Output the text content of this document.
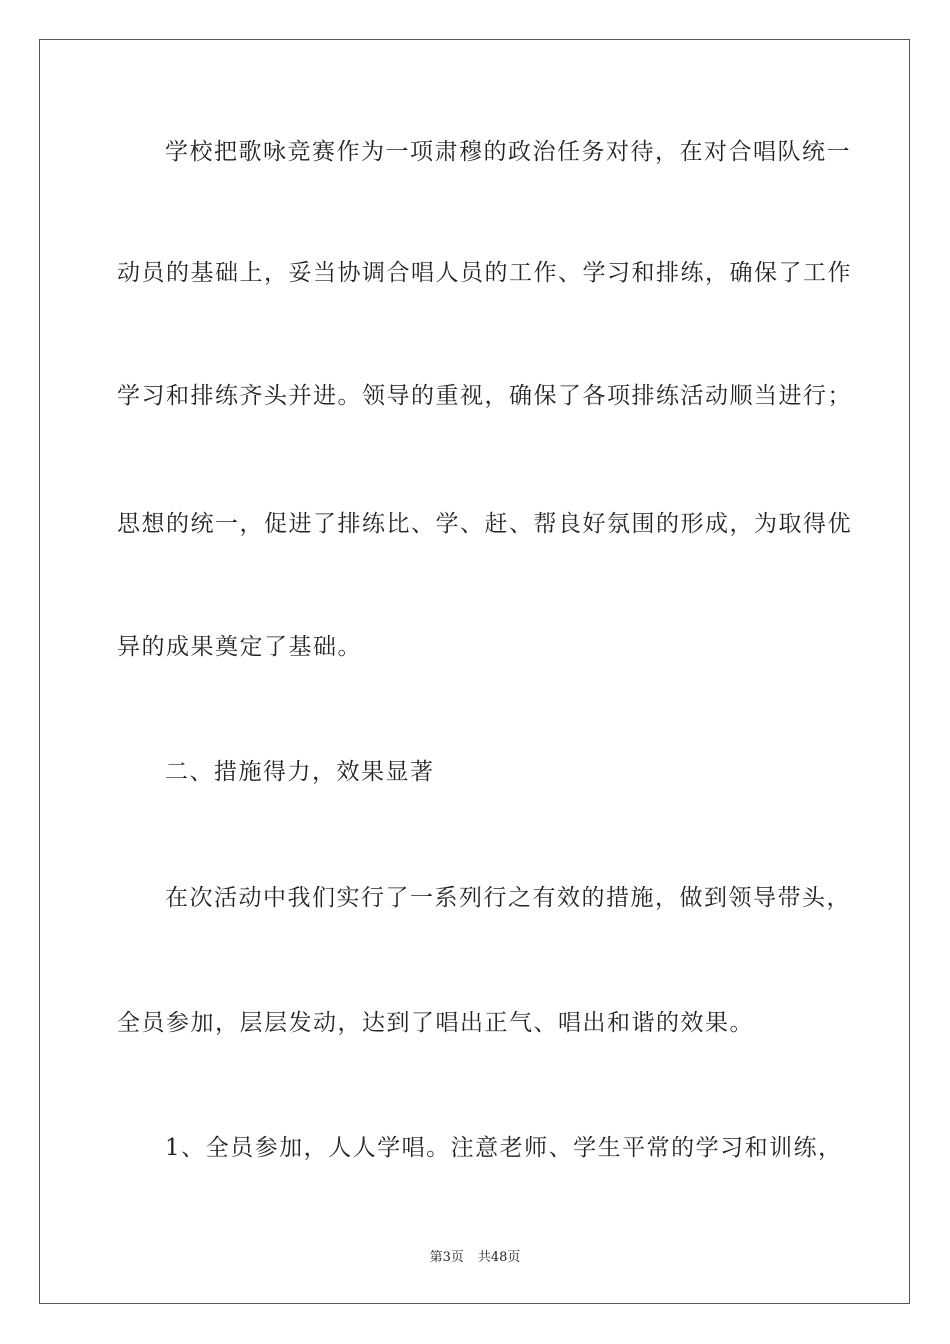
学校把歌咏竞赛作为一项肃穆的政治任务对待，在对合唱队统一
动员的基础上，妥当协调合唱人员的工作、学习和排练，确保了工作
学习和排练齐头并进。领导的重视，确保了各项排练活动顺当进行；
思想的统一，促进了排练比、学、赶、帮良好氛围的形成，为取得优
异的成果奠定了基础。
二、措施得力，效果显著
在次活动中我们实行了一系列行之有效的措施，做到领导带头，
全员参加，层层发动，达到了唱出正气、唱出和谐的效果。
1、全员参加，人人学唱。注意老师、学生平常的学习和训练，
第3页 共48页
